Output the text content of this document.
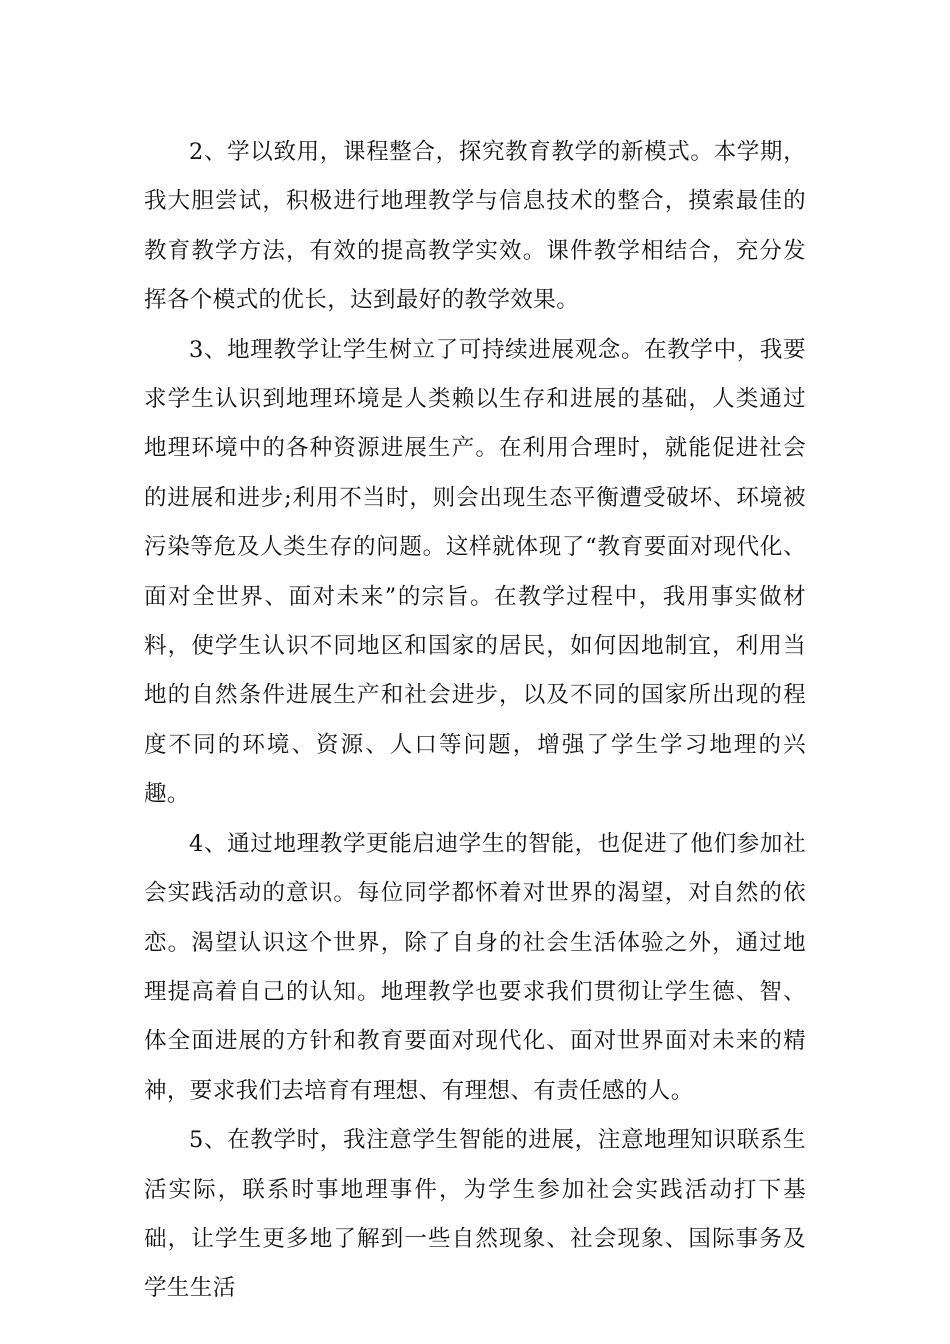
2、学以致用，课程整合，探究教育教学的新模式。本学期，我大胆尝试，积极进行地理教学与信息技术的整合，摸索最佳的教育教学方法，有效的提高教学实效。课件教学相结合，充分发挥各个模式的优长，达到最好的教学效果。

3、地理教学让学生树立了可持续进展观念。在教学中，我要求学生认识到地理环境是人类赖以生存和进展的基础，人类通过地理环境中的各种资源进展生产。在利用合理时，就能促进社会的进展和进步;利用不当时，则会出现生态平衡遭受破坏、环境被污染等危及人类生存的问题。这样就体现了“教育要面对现代化、面对全世界、面对未来”的宗旨。在教学过程中，我用事实做材料，使学生认识不同地区和国家的居民，如何因地制宜，利用当地的自然条件进展生产和社会进步，以及不同的国家所出现的程度不同的环境、资源、人口等问题，增强了学生学习地理的兴趣。

4、通过地理教学更能启迪学生的智能，也促进了他们参加社会实践活动的意识。每位同学都怀着对世界的渴望，对自然的依恋。渴望认识这个世界，除了自身的社会生活体验之外，通过地理提高着自己的认知。地理教学也要求我们贯彻让学生德、智、体全面进展的方针和教育要面对现代化、面对世界面对未来的精神，要求我们去培育有理想、有理想、有责任感的人。

5、在教学时，我注意学生智能的进展，注意地理知识联系生活实际，联系时事地理事件，为学生参加社会实践活动打下基础，让学生更多地了解到一些自然现象、社会现象、国际事务及学生生活
